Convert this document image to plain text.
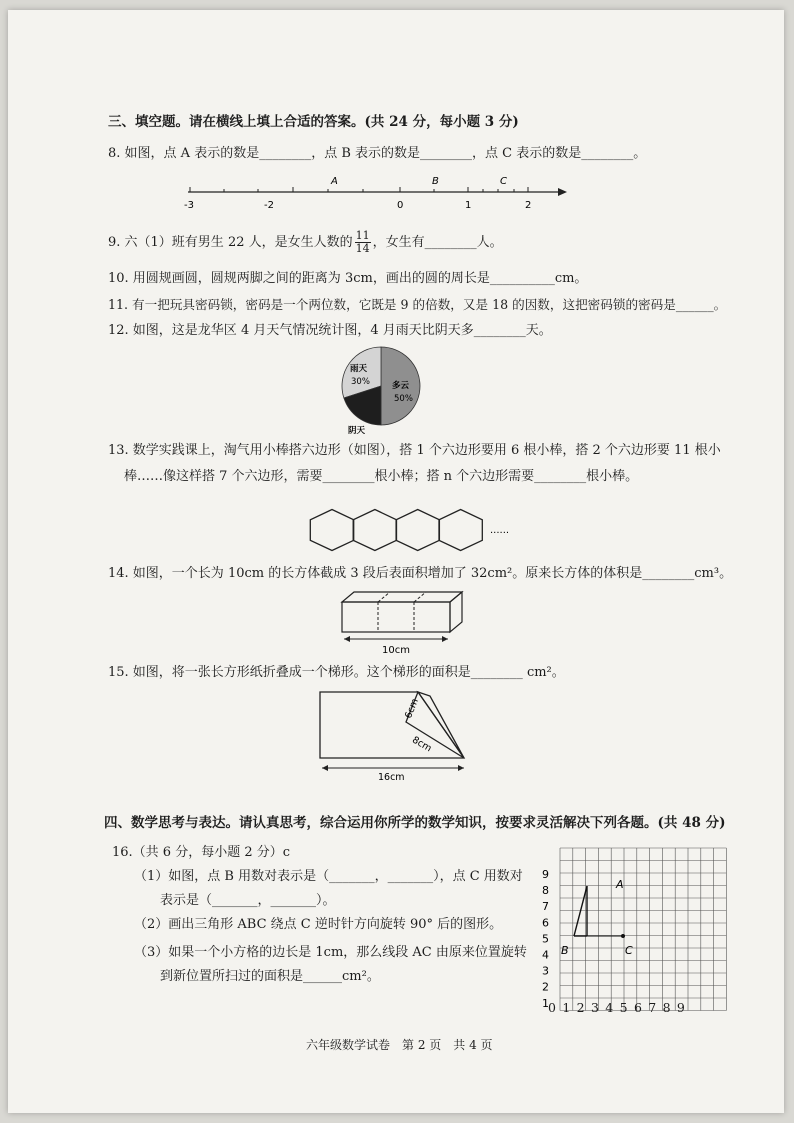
三、填空题。请在横线上填上合适的答案。(共 24 分，每小题 3 分)
8. 如图，点 A 表示的数是________，点 B 表示的数是________，点 C 表示的数是________。
A	B	C
-3	-2	0	1	2
9. 六（1）班有男生 22 人，是女生人数的 $\frac{11}{14}$ ，女生有________人。
10. 用圆规画圆，圆规两脚之间的距离为 3cm，画出的圆的周长是__________cm。
11. 有一把玩具密码锁，密码是一个两位数，它既是 9 的倍数，又是 18 的因数，这把密码锁的密码是______。
12. 如图，这是龙华区 4 月天气情况统计图，4 月雨天比阴天多________天。
雨天
30%	多云
50%
阴天
13. 数学实践课上，淘气用小棒搭六边形（如图），搭 1 个六边形要用 6 根小棒，搭 2 个六边形要 11 根小
棒……像这样搭 7 个六边形，需要________根小棒；搭 n 个六边形需要________根小棒。
......
14. 如图，一个长为 10cm 的长方体截成 3 段后表面积增加了 32cm²。原来长方体的体积是________cm³。
10cm
15. 如图，将一张长方形纸折叠成一个梯形。这个梯形的面积是________ cm²。
6cm
8cm
16cm
四、数学思考与表达。请认真思考，综合运用你所学的数学知识，按要求灵活解决下列各题。(共 48 分)
16.（共 6 分，每小题 2 分）c
（1）如图，点 B 用数对表示是（_______，_______），点 C 用数对
表示是（_______，_______）。
（2）画出三角形 ABC 绕点 C 逆时针方向旋转 90° 后的图形。
（3）如果一个小方格的边长是 1cm，那么线段 AC 由原来位置旋转
到新位置所扫过的面积是______cm²。
9
8
7
6
5
4
3
2
1
A
B	C
0 1 2 3 4 5 6 7 8 9
六年级数学试卷　第 2 页　共 4 页
